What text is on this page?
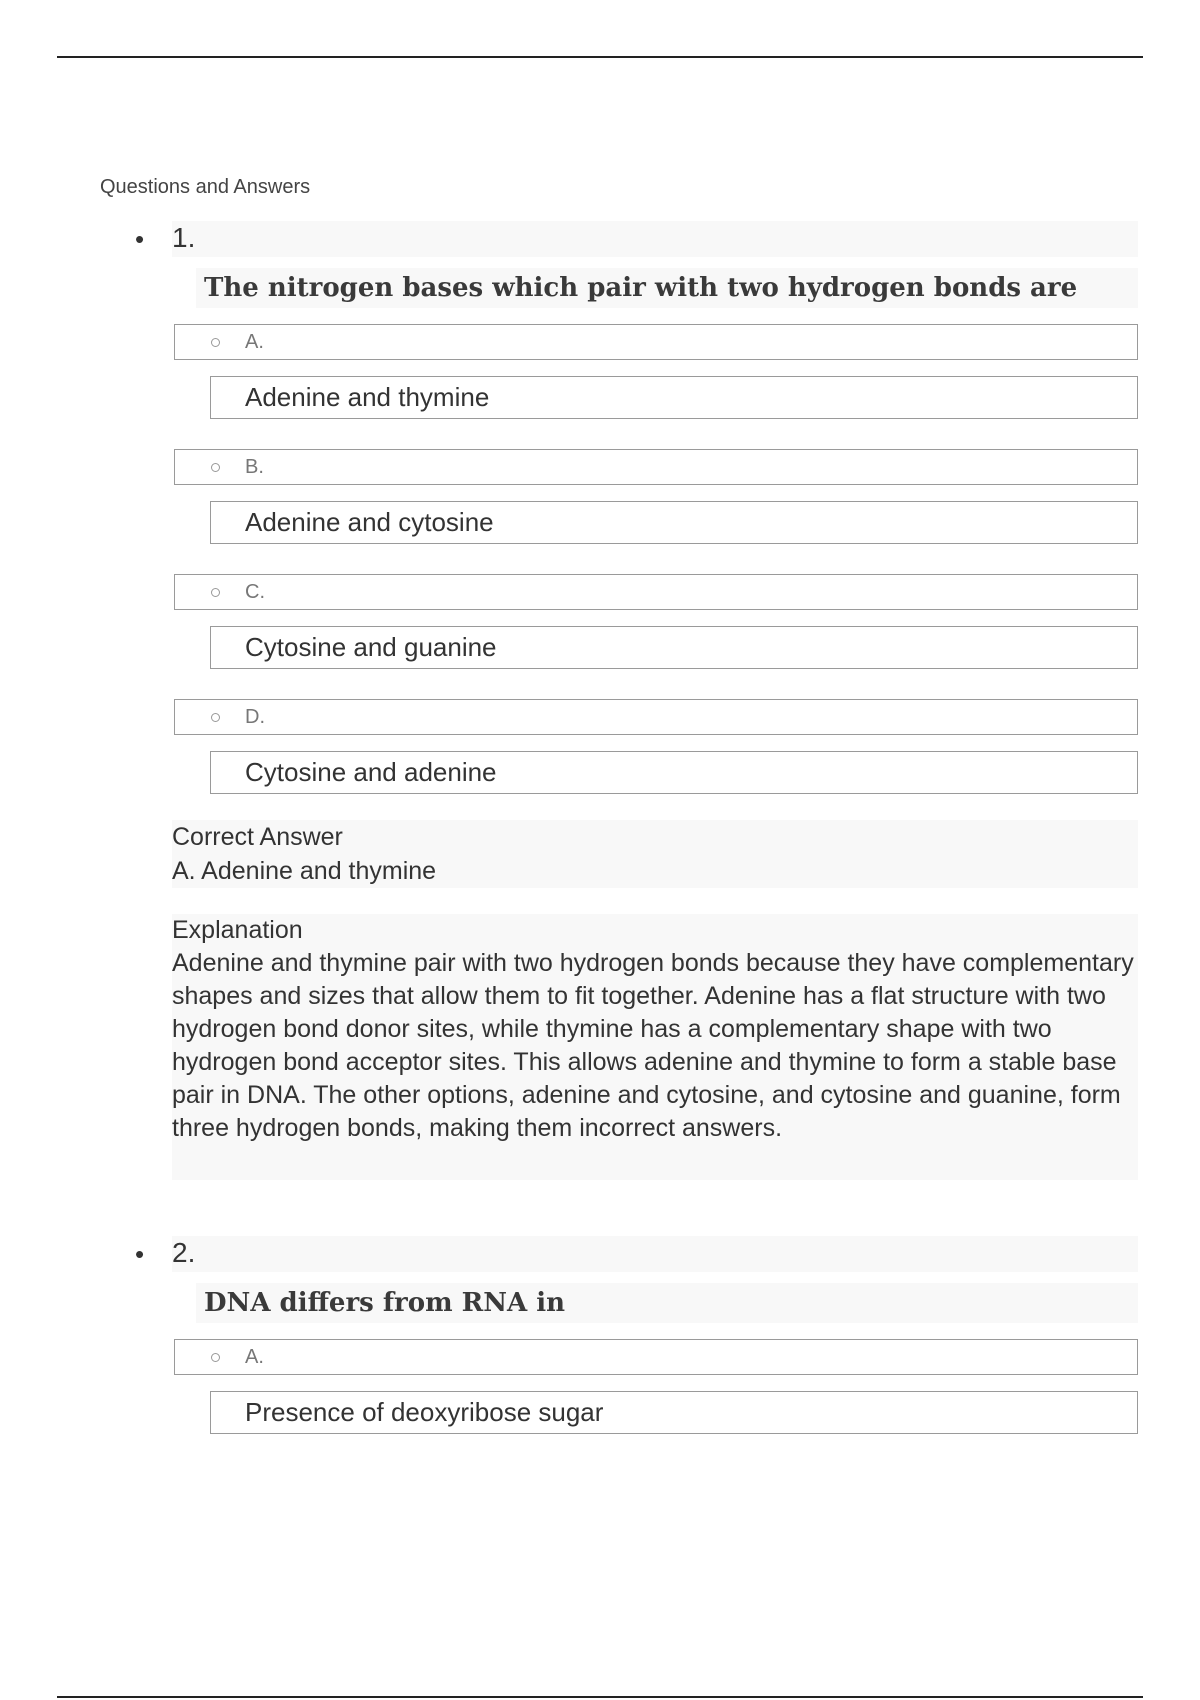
Questions and Answers
• 1.
The nitrogen bases which pair with two hydrogen bonds are
A.
Adenine and thymine
B.
Adenine and cytosine
C.
Cytosine and guanine
D.
Cytosine and adenine
Correct Answer
A. Adenine and thymine
Explanation
Adenine and thymine pair with two hydrogen bonds because they have complementary shapes and sizes that allow them to fit together. Adenine has a flat structure with two hydrogen bond donor sites, while thymine has a complementary shape with two hydrogen bond acceptor sites. This allows adenine and thymine to form a stable base pair in DNA. The other options, adenine and cytosine, and cytosine and guanine, form three hydrogen bonds, making them incorrect answers.
• 2.
DNA differs from RNA in
A.
Presence of deoxyribose sugar
